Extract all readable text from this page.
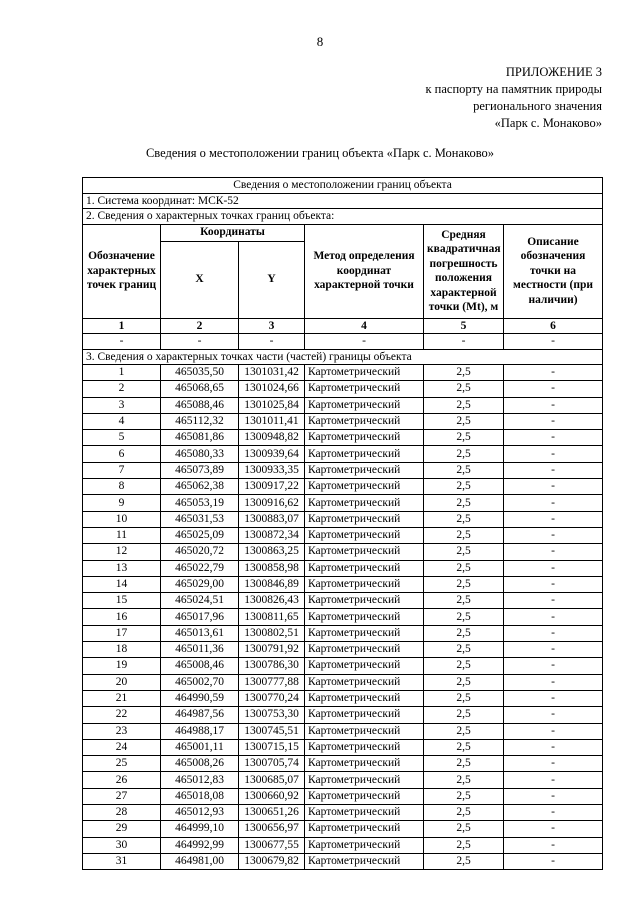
8
ПРИЛОЖЕНИЕ 3
к паспорту на памятник природы
регионального значения
«Парк с. Монаково»
Сведения о местоположении границ объекта «Парк с. Монаково»
Сведения о местоположении границ объекта					
1. Система координат: МСК-52					
2. Сведения о характерных точках границ объекта:					
Обозначение характерных точек границ	Координаты		Метод определения координат характерной точки	Средняя квадратичная погрешность положения характерной точки (Mt), м	Описание обозначения точки на местности (при наличии)
	X	Y			
1	2	3	4	5	6
-	-	-	-	-	-
3. Сведения о характерных точках части (частей) границы объекта					
1	465035,50	1301031,42	Картометрический	2,5	-
2	465068,65	1301024,66	Картометрический	2,5	-
3	465088,46	1301025,84	Картометрический	2,5	-
4	465112,32	1301011,41	Картометрический	2,5	-
5	465081,86	1300948,82	Картометрический	2,5	-
6	465080,33	1300939,64	Картометрический	2,5	-
7	465073,89	1300933,35	Картометрический	2,5	-
8	465062,38	1300917,22	Картометрический	2,5	-
9	465053,19	1300916,62	Картометрический	2,5	-
10	465031,53	1300883,07	Картометрический	2,5	-
11	465025,09	1300872,34	Картометрический	2,5	-
12	465020,72	1300863,25	Картометрический	2,5	-
13	465022,79	1300858,98	Картометрический	2,5	-
14	465029,00	1300846,89	Картометрический	2,5	-
15	465024,51	1300826,43	Картометрический	2,5	-
16	465017,96	1300811,65	Картометрический	2,5	-
17	465013,61	1300802,51	Картометрический	2,5	-
18	465011,36	1300791,92	Картометрический	2,5	-
19	465008,46	1300786,30	Картометрический	2,5	-
20	465002,70	1300777,88	Картометрический	2,5	-
21	464990,59	1300770,24	Картометрический	2,5	-
22	464987,56	1300753,30	Картометрический	2,5	-
23	464988,17	1300745,51	Картометрический	2,5	-
24	465001,11	1300715,15	Картометрический	2,5	-
25	465008,26	1300705,74	Картометрический	2,5	-
26	465012,83	1300685,07	Картометрический	2,5	-
27	465018,08	1300660,92	Картометрический	2,5	-
28	465012,93	1300651,26	Картометрический	2,5	-
29	464999,10	1300656,97	Картометрический	2,5	-
30	464992,99	1300677,55	Картометрический	2,5	-
31	464981,00	1300679,82	Картометрический	2,5	-
